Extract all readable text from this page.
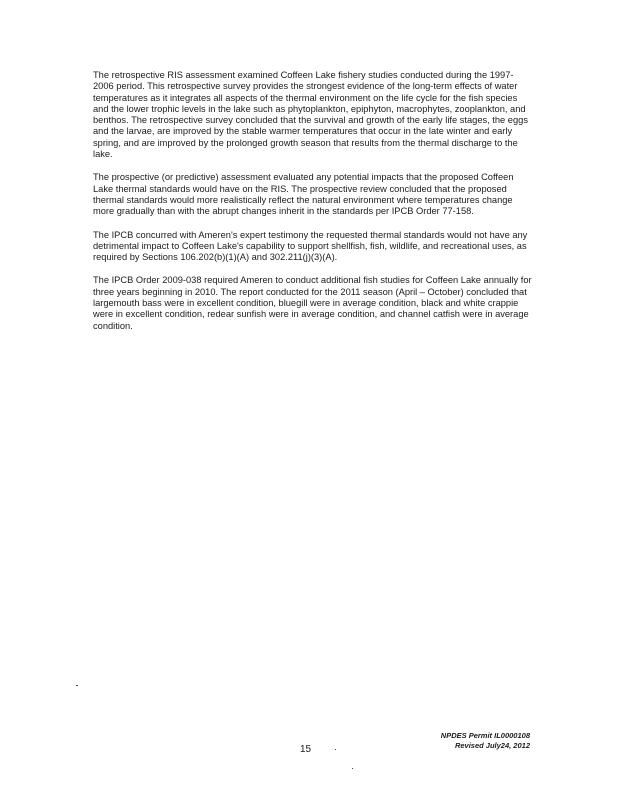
The retrospective RIS assessment examined Coffeen Lake fishery studies conducted during the 1997-2006 period. This retrospective survey provides the strongest evidence of the long-term effects of water temperatures as it integrates all aspects of the thermal environment on the life cycle for the fish species and the lower trophic levels in the lake such as phytoplankton, epiphyton, macrophytes, zooplankton, and benthos. The retrospective survey concluded that the survival and growth of the early life stages, the eggs and the larvae, are improved by the stable warmer temperatures that occur in the late winter and early spring, and are improved by the prolonged growth season that results from the thermal discharge to the lake.

The prospective (or predictive) assessment evaluated any potential impacts that the proposed Coffeen Lake thermal standards would have on the RIS. The prospective review concluded that the proposed thermal standards would more realistically reflect the natural environment where temperatures change more gradually than with the abrupt changes inherit in the standards per IPCB Order 77-158.

The IPCB concurred with Ameren's expert testimony the requested thermal standards would not have any detrimental impact to Coffeen Lake's capability to support shellfish, fish, wildlife, and recreational uses, as required by Sections 106.202(b)(1)(A) and 302.211(j)(3)(A).

The IPCB Order 2009-038 required Ameren to conduct additional fish studies for Coffeen Lake annually for three years beginning in 2010. The report conducted for the 2011 season (April – October) concluded that largemouth bass were in excellent condition, bluegill were in average condition, black and white crappie were in excellent condition, redear sunfish were in average condition, and channel catfish were in average condition.

15
NPDES Permit IL0000108
Revised July24, 2012
